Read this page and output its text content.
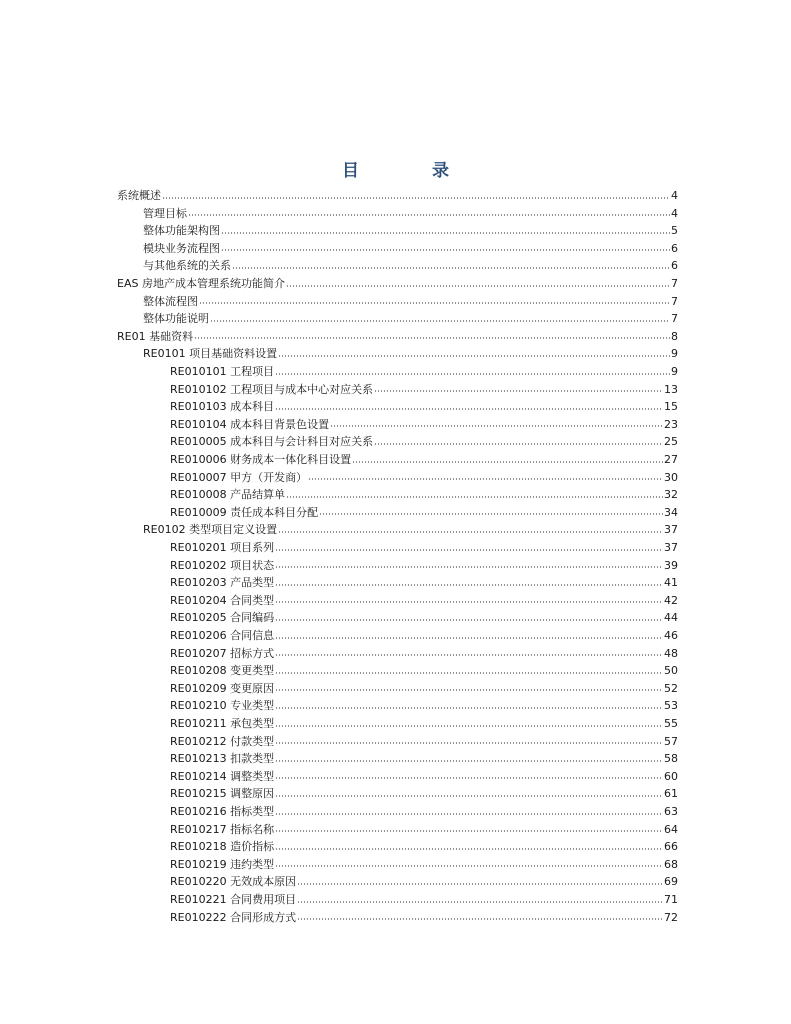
目	录
系统概述	4
管理目标	4
整体功能架构图	5
模块业务流程图	6
与其他系统的关系	6
EAS 房地产成本管理系统功能简介	7
整体流程图	7
整体功能说明	7
RE01 基础资料	8
RE0101 项目基础资料设置	9
RE010101 工程项目	9
RE010102 工程项目与成本中心对应关系	13
RE010103 成本科目	15
RE010104 成本科目背景色设置	23
RE010005 成本科目与会计科目对应关系	25
RE010006 财务成本一体化科目设置	27
RE010007 甲方（开发商）	30
RE010008 产品结算单	32
RE010009 责任成本科目分配	34
RE0102 类型项目定义设置	37
RE010201 项目系列	37
RE010202 项目状态	39
RE010203 产品类型	41
RE010204 合同类型	42
RE010205 合同编码	44
RE010206 合同信息	46
RE010207 招标方式	48
RE010208 变更类型	50
RE010209 变更原因	52
RE010210 专业类型	53
RE010211 承包类型	55
RE010212 付款类型	57
RE010213 扣款类型	58
RE010214 调整类型	60
RE010215 调整原因	61
RE010216 指标类型	63
RE010217 指标名称	64
RE010218 造价指标	66
RE010219 违约类型	68
RE010220 无效成本原因	69
RE010221 合同费用项目	71
RE010222 合同形成方式	72
